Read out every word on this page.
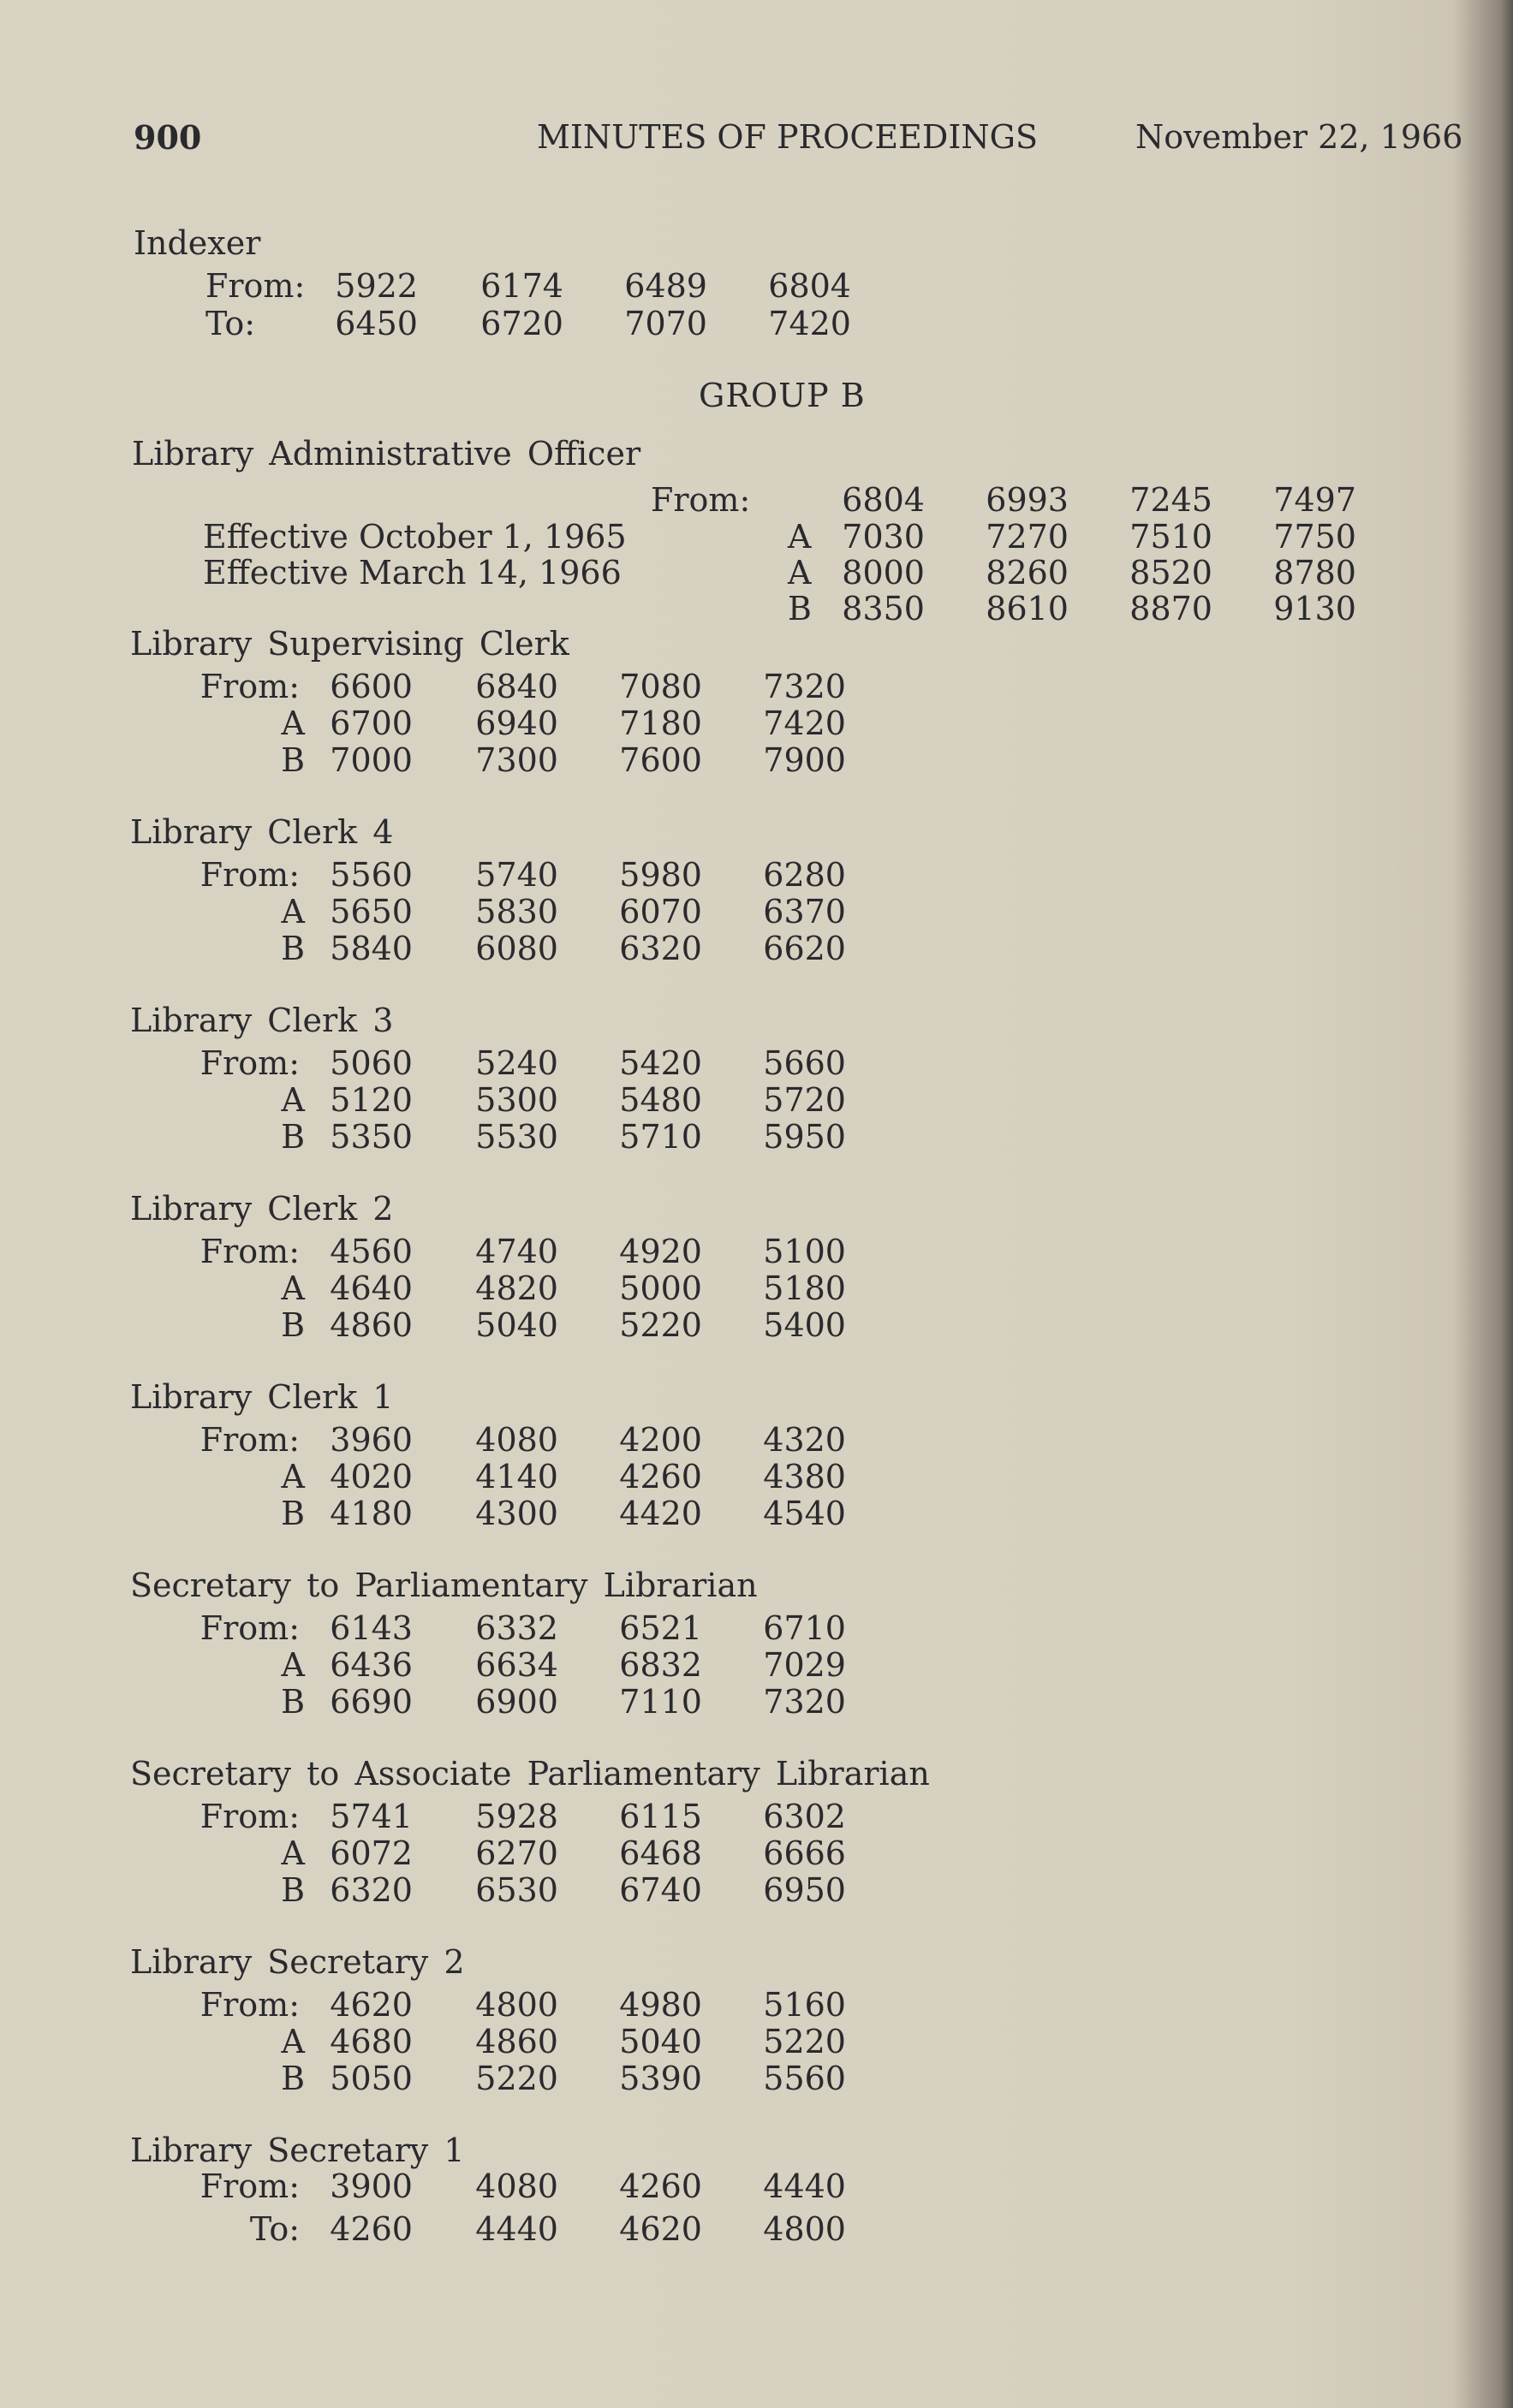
900	MINUTES OF PROCEEDINGS	November 22, 1966
Indexer
From: 5922 6174 6489 6804
To: 6450 6720 7070 7420
GROUP B
Library Administrative Officer
From:	6804 6993 7245 7497
Effective October 1, 1965	A 7030 7270 7510 7750
Effective March 14, 1966	A 8000 8260 8520 8780
B 8350 8610 8870 9130
Library Supervising Clerk
From: 6600 6840 7080 7320
A 6700 6940 7180 7420
B 7000 7300 7600 7900
Library Clerk 4
From: 5560 5740 5980 6280
A 5650 5830 6070 6370
B 5840 6080 6320 6620
Library Clerk 3
From: 5060 5240 5420 5660
A 5120 5300 5480 5720
B 5350 5530 5710 5950
Library Clerk 2
From: 4560 4740 4920 5100
A 4640 4820 5000 5180
B 4860 5040 5220 5400
Library Clerk 1
From: 3960 4080 4200 4320
A 4020 4140 4260 4380
B 4180 4300 4420 4540
Secretary to Parliamentary Librarian
From: 6143 6332 6521 6710
A 6436 6634 6832 7029
B 6690 6900 7110 7320
Secretary to Associate Parliamentary Librarian
From: 5741 5928 6115 6302
A 6072 6270 6468 6666
B 6320 6530 6740 6950
Library Secretary 2
From: 4620 4800 4980 5160
A 4680 4860 5040 5220
B 5050 5220 5390 5560
Library Secretary 1
From: 3900 4080 4260 4440
To: 4260 4440 4620 4800
